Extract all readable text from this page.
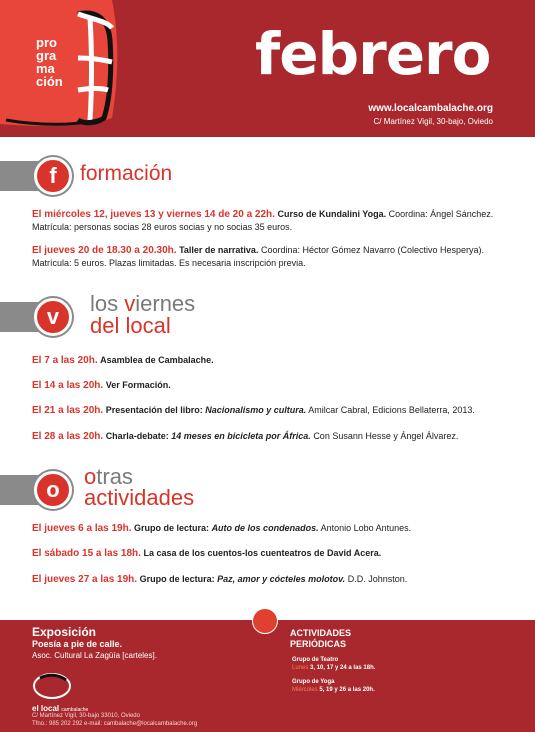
pro
gra
ma
ción	febrero
www.localcambalache.org
C/ Martínez Vigil, 30-bajo, Oviedo
f	formación
El miércoles 12, jueves 13 y viernes 14 de 20 a 22h. Curso de Kundalini Yoga. Coordina: Ángel Sánchez. Matrícula: personas socias 28 euros socias y no socias 35 euros.
El jueves 20 de 18.30 a 20.30h. Taller de narrativa. Coordina: Héctor Gómez Navarro (Colectivo Hesperya). Matrícula: 5 euros. Plazas limitadas. Es necesaria inscripción previa.
v
los viernes
del local
El 7 a las 20h. Asamblea de Cambalache.
El 14 a las 20h. Ver Formación.
El 21 a las 20h. Presentación del libro: Nacionalismo y cultura. Amilcar Cabral, Edicions Bellaterra, 2013.
El 28 a las 20h. Charla-debate: 14 meses en bicicleta por África. Con Susann Hesse y Ángel Álvarez.
o
otras
actividades
El jueves 6 a las 19h. Grupo de lectura: Auto de los condenados. Antonio Lobo Antunes.
El sábado 15 a las 18h. La casa de los cuentos-los cuenteatros de David Acera.
El jueves 27 a las 19h. Grupo de lectura: Paz, amor y cócteles molotov. D.D. Johnston.
Exposición
Poesía a pie de calle.
Asoc. Cultural La Zagüía [carteles].
ACTIVIDADES
PERIÓDICAS
Grupo de Teatro
Lunes 3, 10, 17 y 24 a las 18h.
Grupo de Yoga
Miércoles 5, 19 y 26 a las 20h.
el local cambalache
C/ Martínez Vigil, 30-bajo 33010, Oviedo
Tfno.: 985 202 292 e-mail: cambalache@localcambalache.org
